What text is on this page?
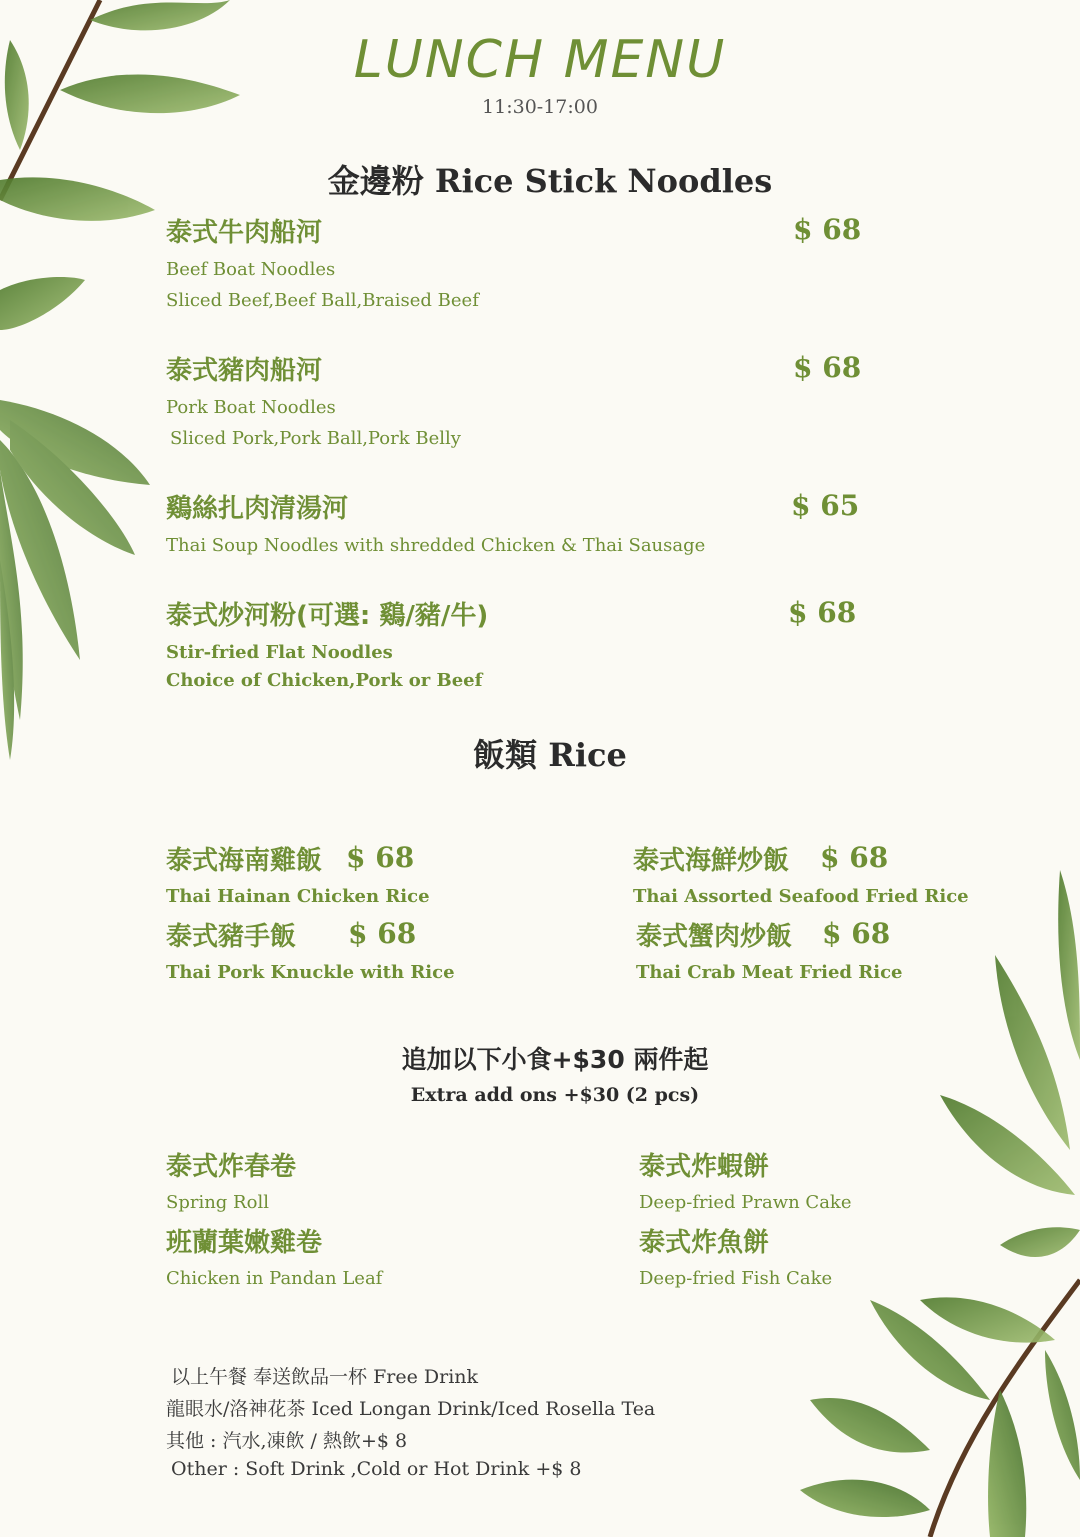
LUNCH MENU
11:30-17:00
金邊粉 Rice Stick Noodles
泰式牛肉船河	$ 68
Beef Boat Noodles
Sliced Beef,Beef Ball,Braised Beef
泰式豬肉船河	$ 68
Pork Boat Noodles
Sliced Pork,Pork Ball,Pork Belly
鷄絲扎肉清湯河	$ 65
Thai Soup Noodles with shredded Chicken & Thai Sausage
泰式炒河粉(可選: 鷄/豬/牛)	$ 68
Stir-fried Flat Noodles
Choice of Chicken,Pork or Beef
飯類 Rice
泰式海南雞飯 $ 68
Thai Hainan Chicken Rice
泰式海鮮炒飯 $ 68
Thai Assorted Seafood Fried Rice
泰式豬手飯 $ 68
Thai Pork Knuckle with Rice
泰式蟹肉炒飯 $ 68
Thai Crab Meat Fried Rice
追加以下小食+$30 兩件起
Extra add ons +$30 (2 pcs)
泰式炸春卷
Spring Roll
泰式炸蝦餅
Deep-fried Prawn Cake
班蘭葉嫩雞卷
Chicken in Pandan Leaf
泰式炸魚餅
Deep-fried Fish Cake
以上午餐 奉送飲品一杯 Free Drink
龍眼水/洛神花茶 Iced Longan Drink/Iced Rosella Tea
其他 : 汽水,凍飲 / 熱飲+$ 8
Other : Soft Drink ,Cold or Hot Drink +$ 8
